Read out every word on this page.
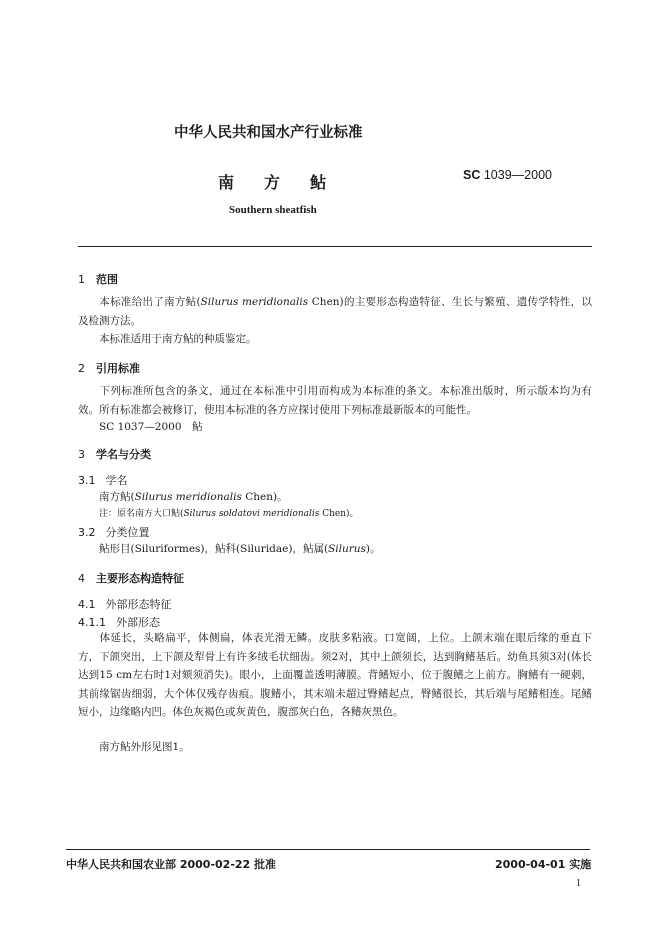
中华人民共和国水产行业标准
南方鲇	SC 1039—2000
Southern sheatfish
1 范围
本标准给出了南方鲇(Silurus meridionalis Chen)的主要形态构造特征、生长与繁殖、遗传学特性，以及检测方法。
本标准适用于南方鲇的种质鉴定。
2 引用标准
下列标准所包含的条文，通过在本标准中引用而构成为本标准的条文。本标准出版时，所示版本均为有效。所有标准都会被修订，使用本标准的各方应探讨使用下列标准最新版本的可能性。
SC 1037—2000　鲇
3 学名与分类
3.1 学名
南方鲇(Silurus meridionalis Chen)。
注：原名南方大口鲇(Silurus soldatovi meridionalis Chen)。
3.2 分类位置
鲇形目(Siluriformes)，鲇科(Siluridae)，鲇属(Silurus)。
4 主要形态构造特征
4.1 外部形态特征
4.1.1 外部形态
体延长，头略扁平，体侧扁，体表光滑无鳞。皮肤多粘液。口宽阔，上位。上颌末端在眼后缘的垂直下方，下颌突出，上下颌及犁骨上有许多绒毛状细齿。须2对，其中上颌须长，达到胸鳍基后。幼鱼具须3对(体长达到15 cm左右时1对颏须消失)。眼小，上面覆盖透明薄膜。背鳍短小，位于腹鳍之上前方。胸鳍有一硬刺，其前缘锯齿细弱，大个体仅残存齿痕。腹鳍小，其末端未超过臀鳍起点，臀鳍很长，其后端与尾鳍相连。尾鳍短小，边缘略内凹。体色灰褐色或灰黄色，腹部灰白色，各鳍灰黑色。
南方鲇外形见图1。
中华人民共和国农业部 2000-02-22 批准	2000-04-01 实施
1
